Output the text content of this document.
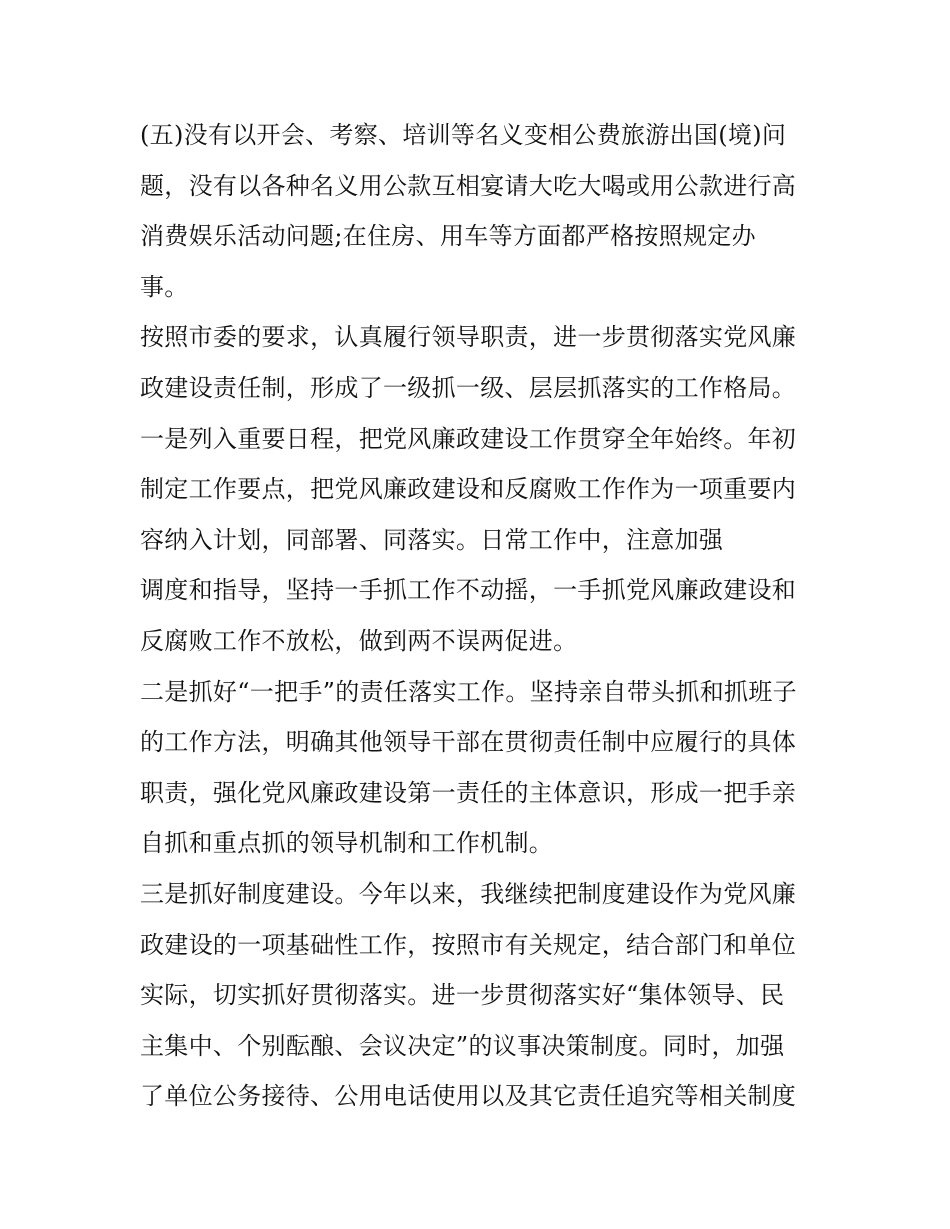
(五)没有以开会、考察、培训等名义变相公费旅游出国(境)问
题，没有以各种名义用公款互相宴请大吃大喝或用公款进行高
消费娱乐活动问题;在住房、用车等方面都严格按照规定办
事。
按照市委的要求，认真履行领导职责，进一步贯彻落实党风廉
政建设责任制，形成了一级抓一级、层层抓落实的工作格局。
一是列入重要日程，把党风廉政建设工作贯穿全年始终。年初
制定工作要点，把党风廉政建设和反腐败工作作为一项重要内
容纳入计划，同部署、同落实。日常工作中，注意加强
调度和指导，坚持一手抓工作不动摇，一手抓党风廉政建设和
反腐败工作不放松，做到两不误两促进。
二是抓好“一把手”的责任落实工作。坚持亲自带头抓和抓班子
的工作方法，明确其他领导干部在贯彻责任制中应履行的具体
职责，强化党风廉政建设第一责任的主体意识，形成一把手亲
自抓和重点抓的领导机制和工作机制。
三是抓好制度建设。今年以来，我继续把制度建设作为党风廉
政建设的一项基础性工作，按照市有关规定，结合部门和单位
实际，切实抓好贯彻落实。进一步贯彻落实好“集体领导、民
主集中、个别酝酿、会议决定”的议事决策制度。同时，加强
了单位公务接待、公用电话使用以及其它责任追究等相关制度
